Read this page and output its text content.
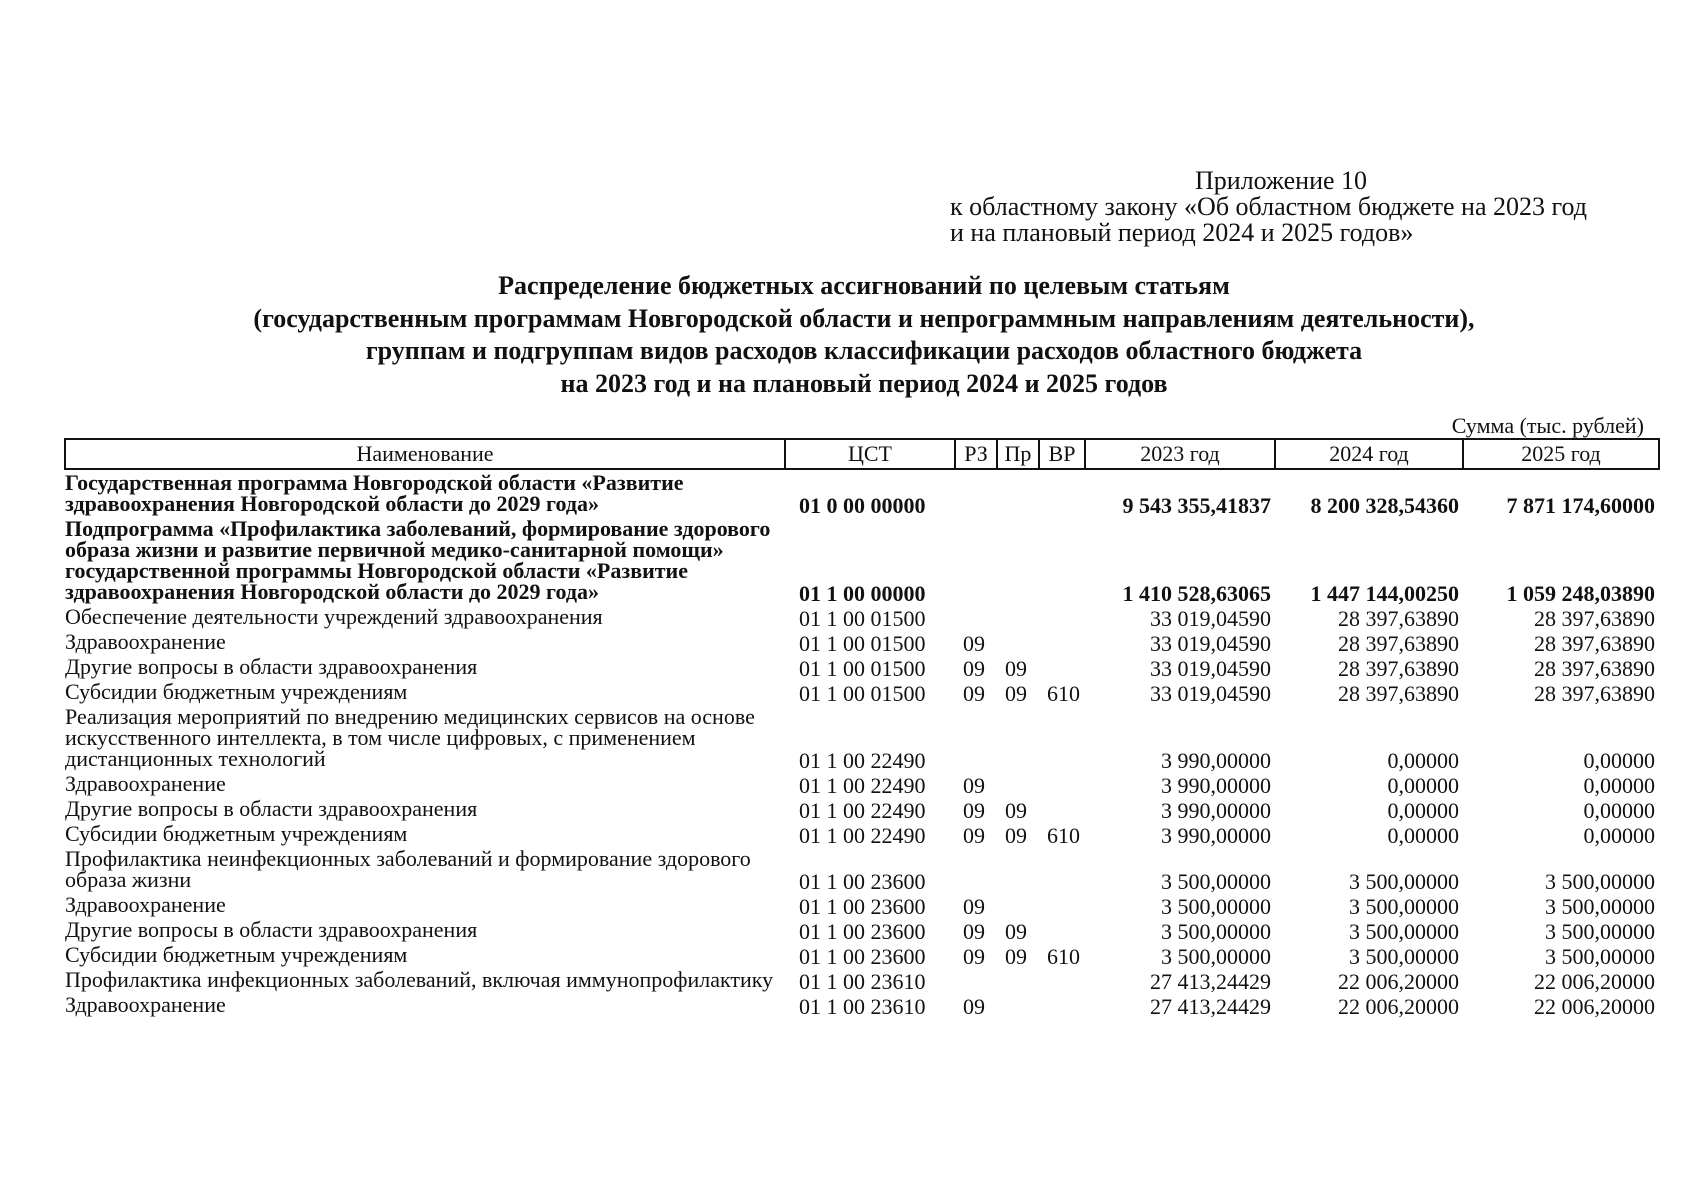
Приложение 10
к областному закону «Об областном бюджете на 2023 год
и на плановый период 2024 и 2025 годов»
Распределение бюджетных ассигнований по целевым статьям
(государственным программам Новгородской области и непрограммным направлениям деятельности),
группам и подгруппам видов расходов классификации расходов областного бюджета
на 2023 год и на плановый период 2024 и 2025 годов
Сумма (тыс. рублей)
Наименование	ЦСТ	РЗ	Пр	ВР	2023 год	2024 год	2025 год
Государственная программа Новгородской области «Развитие здравоохранения Новгородской области до 2029 года»	01 0 00 00000				9 543 355,41837	8 200 328,54360	7 871 174,60000
Подпрограмма «Профилактика заболеваний, формирование здорового образа жизни и развитие первичной медико-санитарной помощи» государственной программы Новгородской области «Развитие здравоохранения Новгородской области до 2029 года»	01 1 00 00000				1 410 528,63065	1 447 144,00250	1 059 248,03890
Обеспечение деятельности учреждений здравоохранения	01 1 00 01500				33 019,04590	28 397,63890	28 397,63890
Здравоохранение	01 1 00 01500	09			33 019,04590	28 397,63890	28 397,63890
Другие вопросы в области здравоохранения	01 1 00 01500	09	09		33 019,04590	28 397,63890	28 397,63890
Субсидии бюджетным учреждениям	01 1 00 01500	09	09	610	33 019,04590	28 397,63890	28 397,63890
Реализация мероприятий по внедрению медицинских сервисов на основе искусственного интеллекта, в том числе цифровых, с применением дистанционных технологий	01 1 00 22490				3 990,00000	0,00000	0,00000
Здравоохранение	01 1 00 22490	09			3 990,00000	0,00000	0,00000
Другие вопросы в области здравоохранения	01 1 00 22490	09	09		3 990,00000	0,00000	0,00000
Субсидии бюджетным учреждениям	01 1 00 22490	09	09	610	3 990,00000	0,00000	0,00000
Профилактика неинфекционных заболеваний и формирование здорового образа жизни	01 1 00 23600				3 500,00000	3 500,00000	3 500,00000
Здравоохранение	01 1 00 23600	09			3 500,00000	3 500,00000	3 500,00000
Другие вопросы в области здравоохранения	01 1 00 23600	09	09		3 500,00000	3 500,00000	3 500,00000
Субсидии бюджетным учреждениям	01 1 00 23600	09	09	610	3 500,00000	3 500,00000	3 500,00000
Профилактика инфекционных заболеваний, включая иммунопрофилактику	01 1 00 23610				27 413,24429	22 006,20000	22 006,20000
Здравоохранение	01 1 00 23610	09			27 413,24429	22 006,20000	22 006,20000
